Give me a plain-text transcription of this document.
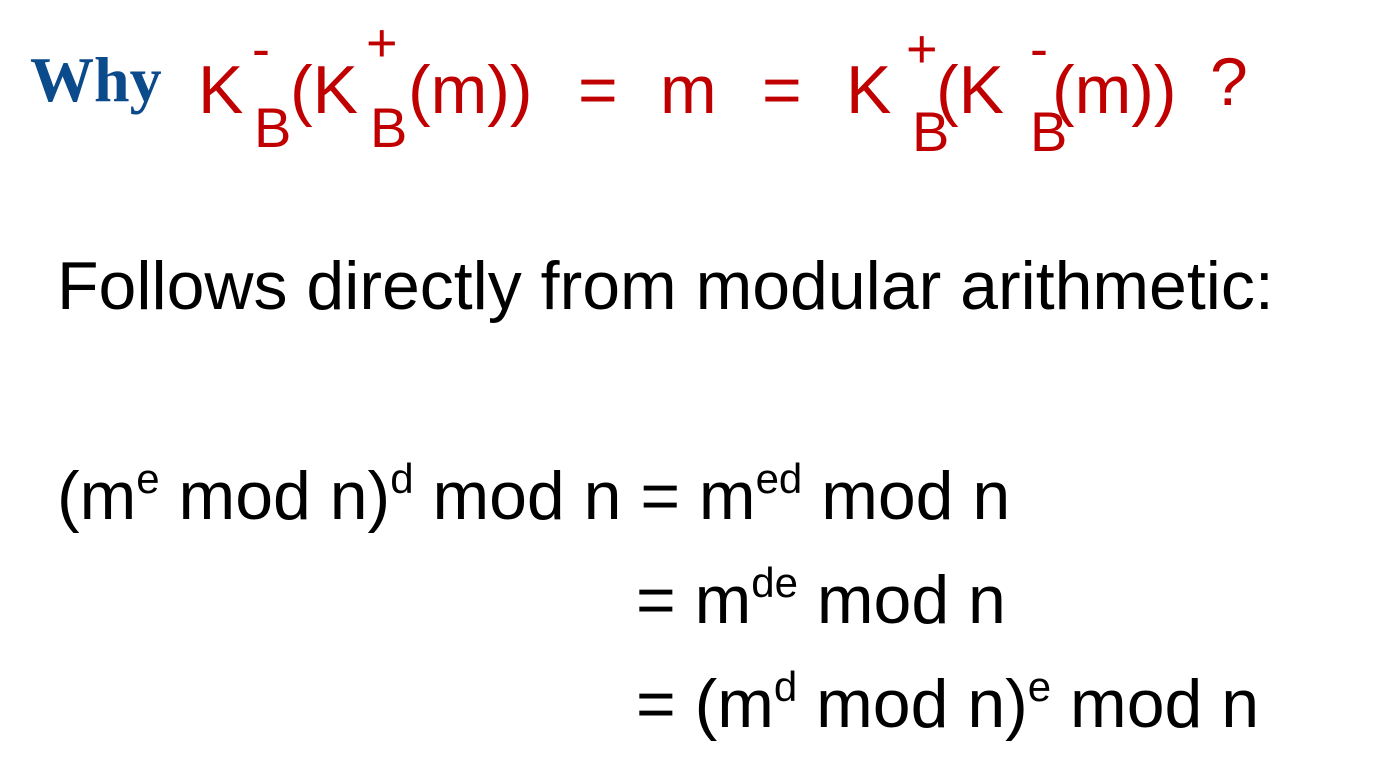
Why K
-
B
(K
+
B (m)) = m = K
+
B
(K
-
B
(m)) ?
Follows directly from modular arithmetic:
($m^e$ mod n)$^d$ mod $n = m^{ed}$ mod n
= $m^{de}$ mod n
= ($m^d$ mod n)$^e$ mod n
